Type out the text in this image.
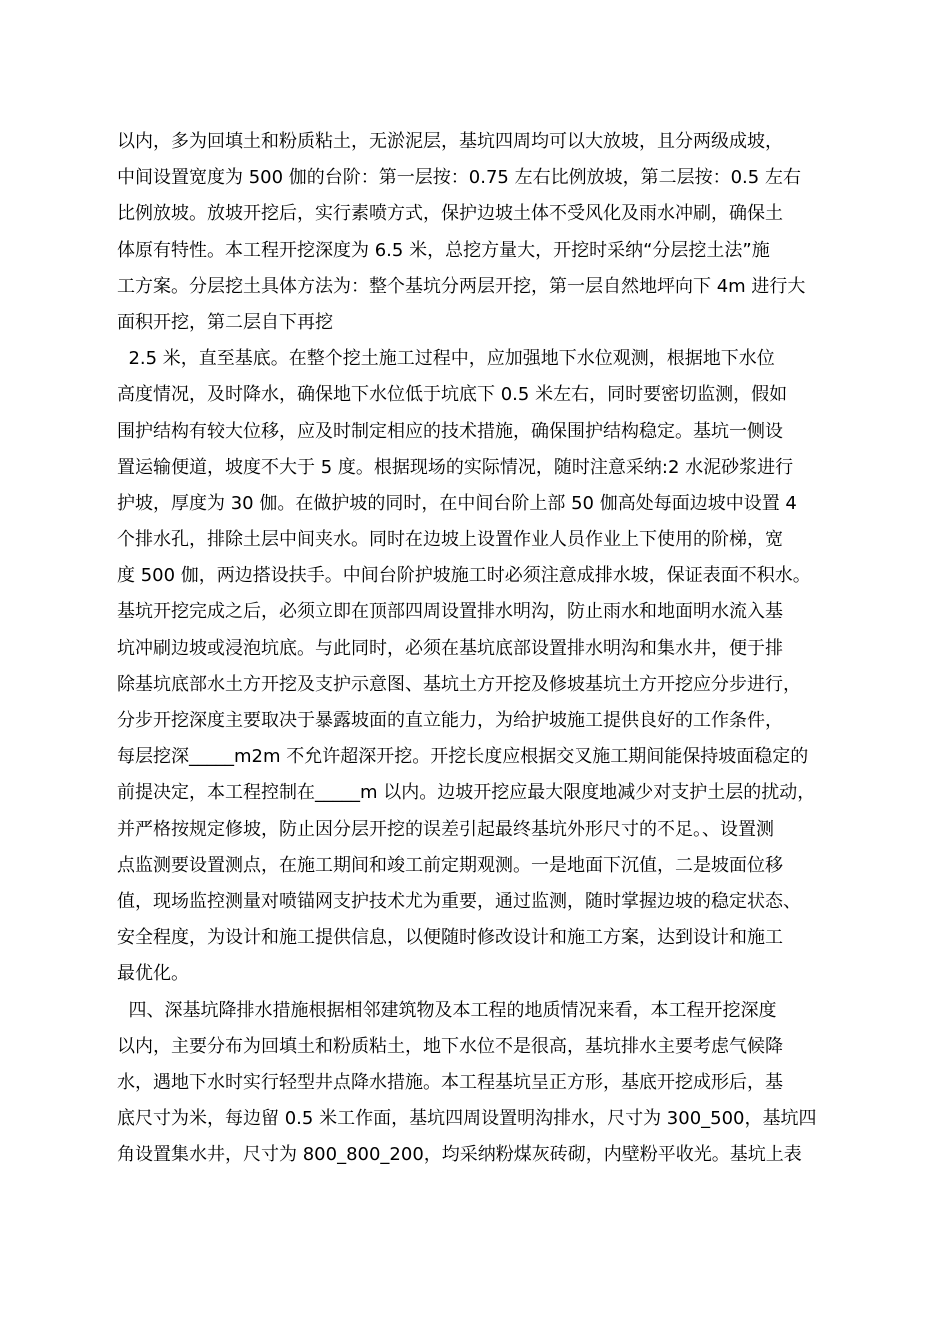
以内，多为回填土和粉质粘土，无淤泥层，基坑四周均可以大放坡，且分两级成坡，
中间设置宽度为 500 伽的台阶：第一层按：0.75 左右比例放坡，第二层按：0.5 左右
比例放坡。放坡开挖后，实行素喷方式，保护边坡土体不受风化及雨水冲刷，确保土
体原有特性。本工程开挖深度为 6.5 米，总挖方量大，开挖时采纳“分层挖土法”施
工方案。分层挖土具体方法为：整个基坑分两层开挖，第一层自然地坪向下 4m 进行大
面积开挖，第二层自下再挖
2.5 米，直至基底。在整个挖土施工过程中，应加强地下水位观测，根据地下水位
高度情况，及时降水，确保地下水位低于坑底下 0.5 米左右，同时要密切监测，假如
围护结构有较大位移，应及时制定相应的技术措施，确保围护结构稳定。基坑一侧设
置运输便道，坡度不大于 5 度。根据现场的实际情况，随时注意采纳:2 水泥砂浆进行
护坡，厚度为 30 伽。在做护坡的同时，在中间台阶上部 50 伽高处每面边坡中设置 4
个排水孔，排除土层中间夹水。同时在边坡上设置作业人员作业上下使用的阶梯，宽
度 500 伽，两边搭设扶手。中间台阶护坡施工时必须注意成排水坡，保证表面不积水。
基坑开挖完成之后，必须立即在顶部四周设置排水明沟，防止雨水和地面明水流入基
坑冲刷边坡或浸泡坑底。与此同时，必须在基坑底部设置排水明沟和集水井，便于排
除基坑底部水土方开挖及支护示意图、基坑土方开挖及修坡基坑土方开挖应分步进行，
分步开挖深度主要取决于暴露坡面的直立能力，为给护坡施工提供良好的工作条件，
每层挖深_____m2m 不允许超深开挖。开挖长度应根据交叉施工期间能保持坡面稳定的
前提决定，本工程控制在_____m 以内。边坡开挖应最大限度地减少对支护土层的扰动，
并严格按规定修坡，防止因分层开挖的误差引起最终基坑外形尺寸的不足。、设置测
点监测要设置测点，在施工期间和竣工前定期观测。一是地面下沉值，二是坡面位移
值，现场监控测量对喷锚网支护技术尤为重要，通过监测，随时掌握边坡的稳定状态、
安全程度，为设计和施工提供信息，以便随时修改设计和施工方案，达到设计和施工
最优化。
四、深基坑降排水措施根据相邻建筑物及本工程的地质情况来看，本工程开挖深度
以内，主要分布为回填土和粉质粘土，地下水位不是很高，基坑排水主要考虑气候降
水，遇地下水时实行轻型井点降水措施。本工程基坑呈正方形，基底开挖成形后，基
底尺寸为米，每边留 0.5 米工作面，基坑四周设置明沟排水，尺寸为 300_500，基坑四
角设置集水井，尺寸为 800_800_200，均采纳粉煤灰砖砌，内壁粉平收光。基坑上表
